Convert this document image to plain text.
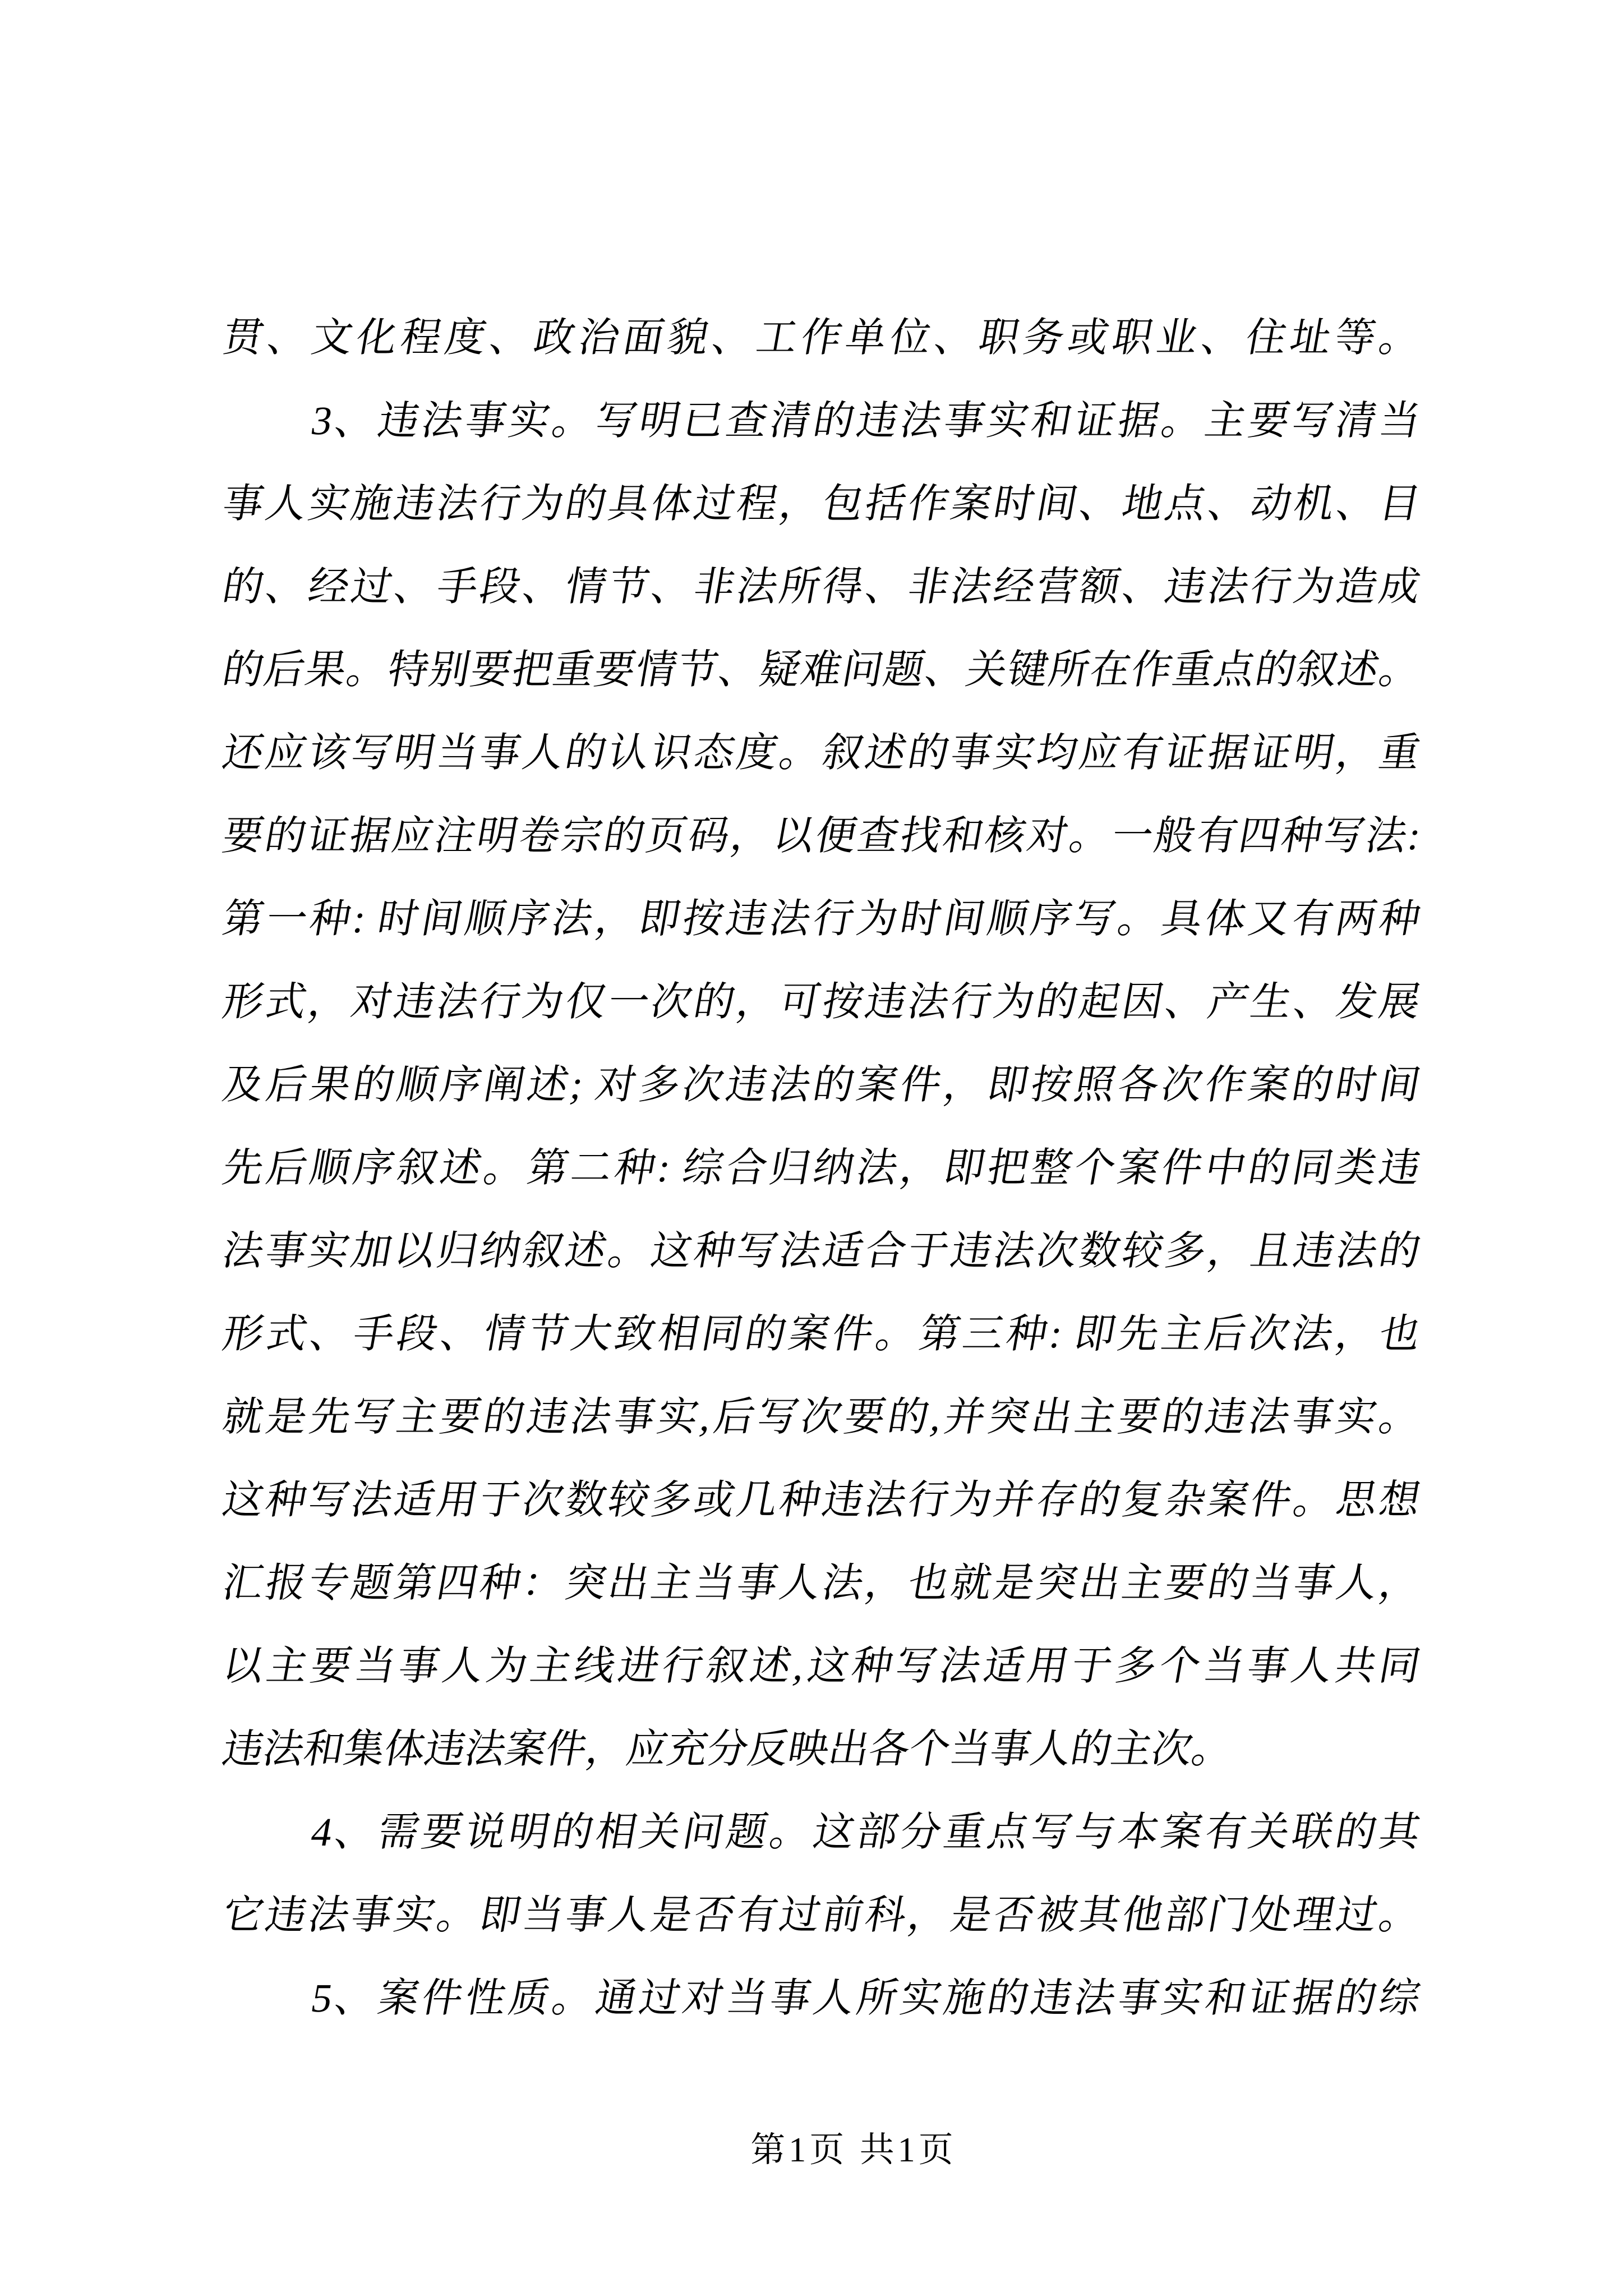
贯、文化程度、政治面貌、工作单位、职务或职业、住址等。
3、违法事实。写明已查清的违法事实和证据。主要写清当
事人实施违法行为的具体过程，包括作案时间、地点、动机、目
的、经过、手段、情节、非法所得、非法经营额、违法行为造成
的后果。特别要把重要情节、疑难问题、关键所在作重点的叙述。
还应该写明当事人的认识态度。叙述的事实均应有证据证明，重
要的证据应注明卷宗的页码，以便查找和核对。一般有四种写法:
第一种: 时间顺序法，即按违法行为时间顺序写。具体又有两种
形式，对违法行为仅一次的，可按违法行为的起因、产生、发展
及后果的顺序阐述; 对多次违法的案件，即按照各次作案的时间
先后顺序叙述。第二种: 综合归纳法，即把整个案件中的同类违
法事实加以归纳叙述。这种写法适合于违法次数较多，且违法的
形式、手段、情节大致相同的案件。第三种: 即先主后次法，也
就是先写主要的违法事实,后写次要的,并突出主要的违法事实。
这种写法适用于次数较多或几种违法行为并存的复杂案件。思想
汇报专题第四种：突出主当事人法，也就是突出主要的当事人，
以主要当事人为主线进行叙述,这种写法适用于多个当事人共同
违法和集体违法案件，应充分反映出各个当事人的主次。
4、需要说明的相关问题。这部分重点写与本案有关联的其
它违法事实。即当事人是否有过前科，是否被其他部门处理过。
5、案件性质。通过对当事人所实施的违法事实和证据的综
第1页 共1页
